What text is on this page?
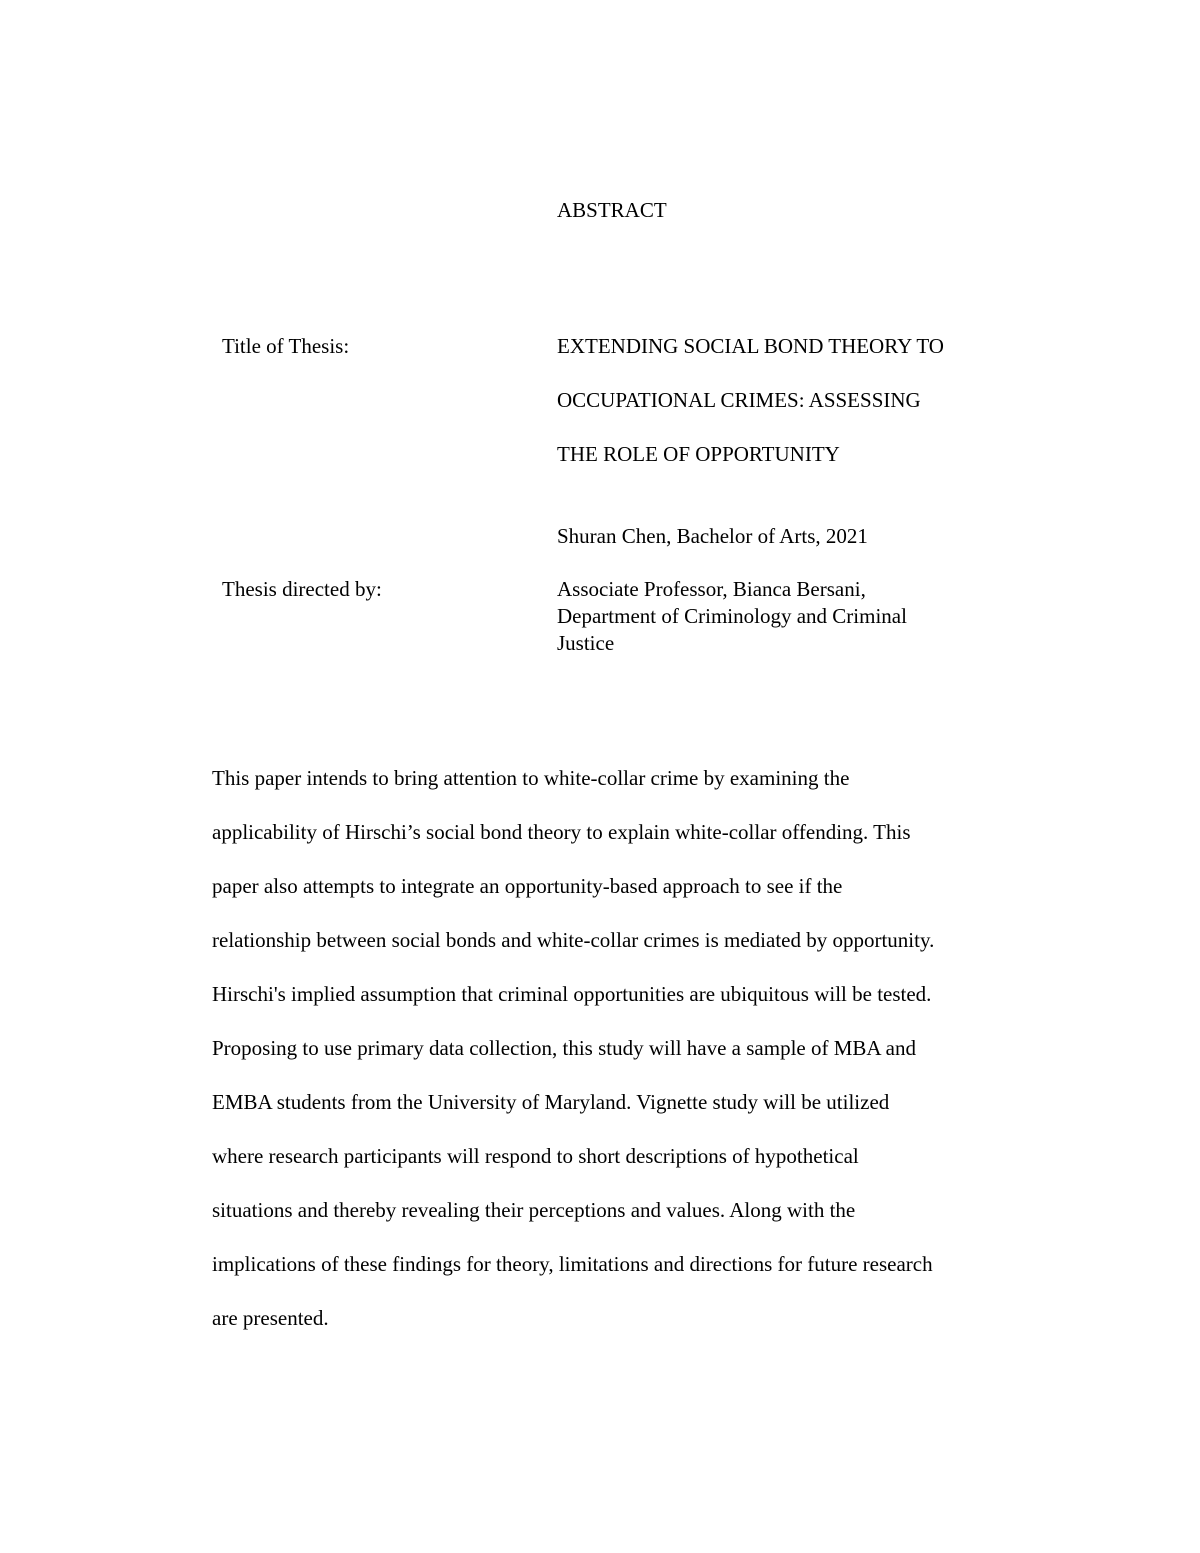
ABSTRACT
Title of Thesis:	EXTENDING SOCIAL BOND THEORY TO
OCCUPATIONAL CRIMES: ASSESSING
THE ROLE OF OPPORTUNITY
Shuran Chen, Bachelor of Arts, 2021
Thesis directed by:	Associate Professor, Bianca Bersani,
Department of Criminology and Criminal
Justice
This paper intends to bring attention to white-collar crime by examining the
applicability of Hirschi’s social bond theory to explain white-collar offending. This
paper also attempts to integrate an opportunity-based approach to see if the
relationship between social bonds and white-collar crimes is mediated by opportunity.
Hirschi's implied assumption that criminal opportunities are ubiquitous will be tested.
Proposing to use primary data collection, this study will have a sample of MBA and
EMBA students from the University of Maryland. Vignette study will be utilized
where research participants will respond to short descriptions of hypothetical
situations and thereby revealing their perceptions and values. Along with the
implications of these findings for theory, limitations and directions for future research
are presented.
